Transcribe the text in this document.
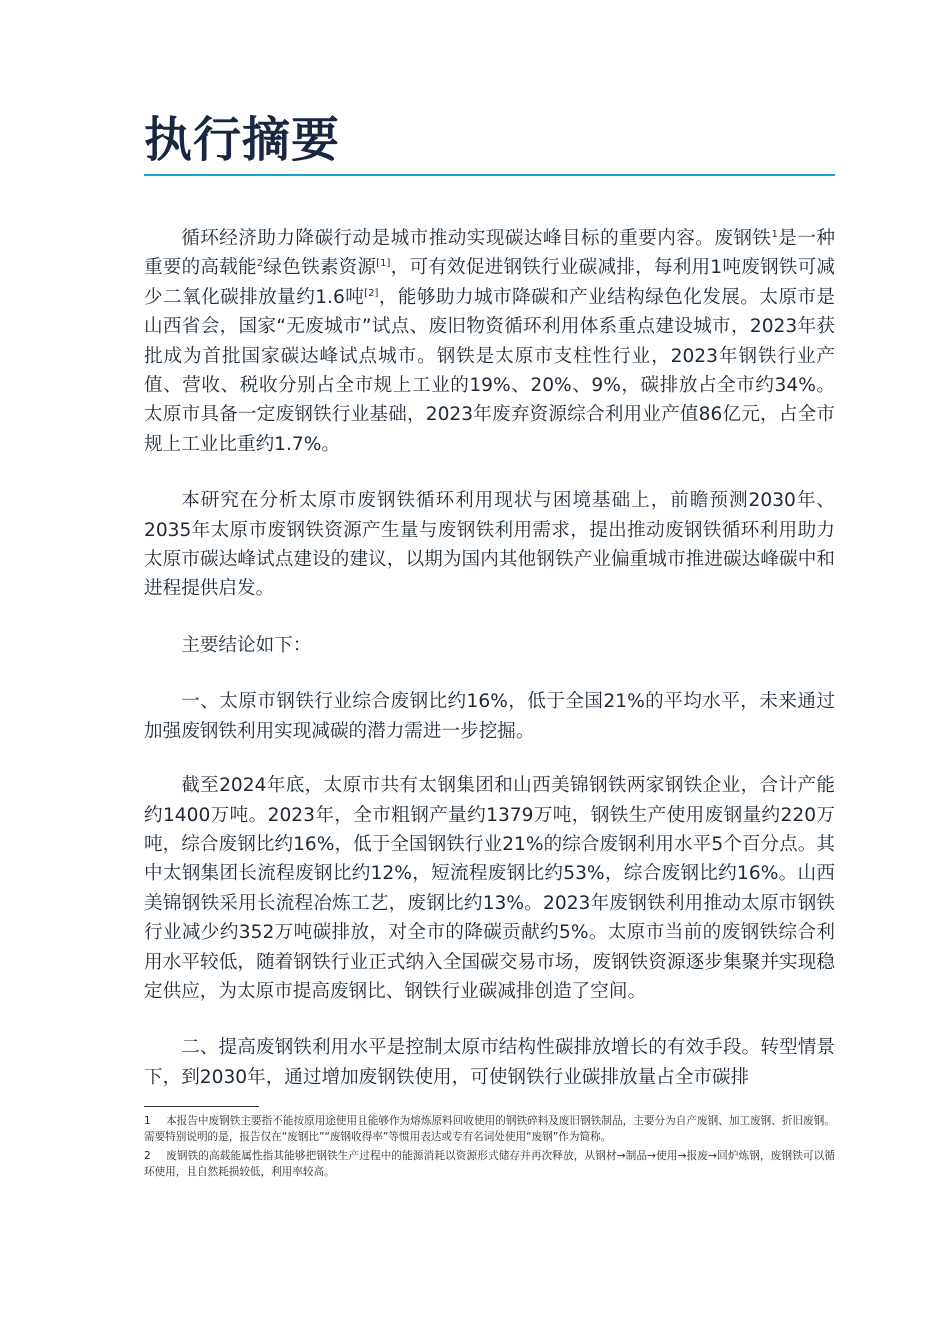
执行摘要

循环经济助力降碳行动是城市推动实现碳达峰目标的重要内容。废钢铁$^1$是一种重要的高载能$^2$绿色铁素资源[1]，可有效促进钢铁行业碳减排，每利用1吨废钢铁可减少二氧化碳排放量约1.6吨[2]，能够助力城市降碳和产业结构绿色化发展。太原市是山西省会，国家“无废城市”试点、废旧物资循环利用体系重点建设城市，2023年获批成为首批国家碳达峰试点城市。钢铁是太原市支柱性行业，2023年钢铁行业产值、营收、税收分别占全市规上工业的19%、20%、9%，碳排放占全市约34%。太原市具备一定废钢铁行业基础，2023年废弃资源综合利用业产值86亿元，占全市规上工业比重约1.7%。

本研究在分析太原市废钢铁循环利用现状与困境基础上，前瞻预测2030年、2035年太原市废钢铁资源产生量与废钢铁利用需求，提出推动废钢铁循环利用助力太原市碳达峰试点建设的建议，以期为国内其他钢铁产业偏重城市推进碳达峰碳中和进程提供启发。

主要结论如下：

一、太原市钢铁行业综合废钢比约16%，低于全国21%的平均水平，未来通过加强废钢铁利用实现减碳的潜力需进一步挖掘。

截至2024年底，太原市共有太钢集团和山西美锦钢铁两家钢铁企业，合计产能约1400万吨。2023年，全市粗钢产量约1379万吨，钢铁生产使用废钢量约220万吨，综合废钢比约16%，低于全国钢铁行业21%的综合废钢利用水平5个百分点。其中太钢集团长流程废钢比约12%，短流程废钢比约53%，综合废钢比约16%。山西美锦钢铁采用长流程冶炼工艺，废钢比约13%。2023年废钢铁利用推动太原市钢铁行业减少约352万吨碳排放，对全市的降碳贡献约5%。太原市当前的废钢铁综合利用水平较低，随着钢铁行业正式纳入全国碳交易市场，废钢铁资源逐步集聚并实现稳定供应，为太原市提高废钢比、钢铁行业碳减排创造了空间。

二、提高废钢铁利用水平是控制太原市结构性碳排放增长的有效手段。转型情景下，到2030年，通过增加废钢铁使用，可使钢铁行业碳排放量占全市碳排

1 本报告中废钢铁主要指不能按原用途使用且能够作为熔炼原料回收使用的钢铁碎料及废旧钢铁制品，主要分为自产废钢、加工废钢、折旧废钢。需要特别说明的是，报告仅在“废钢比”“废钢收得率”等惯用表达或专有名词处使用“废钢”作为简称。
2 废钢铁的高载能属性指其能够把钢铁生产过程中的能源消耗以资源形式储存并再次释放，从钢材→制品→使用→报废→回炉炼钢，废钢铁可以循环使用，且自然耗损较低，利用率较高。
